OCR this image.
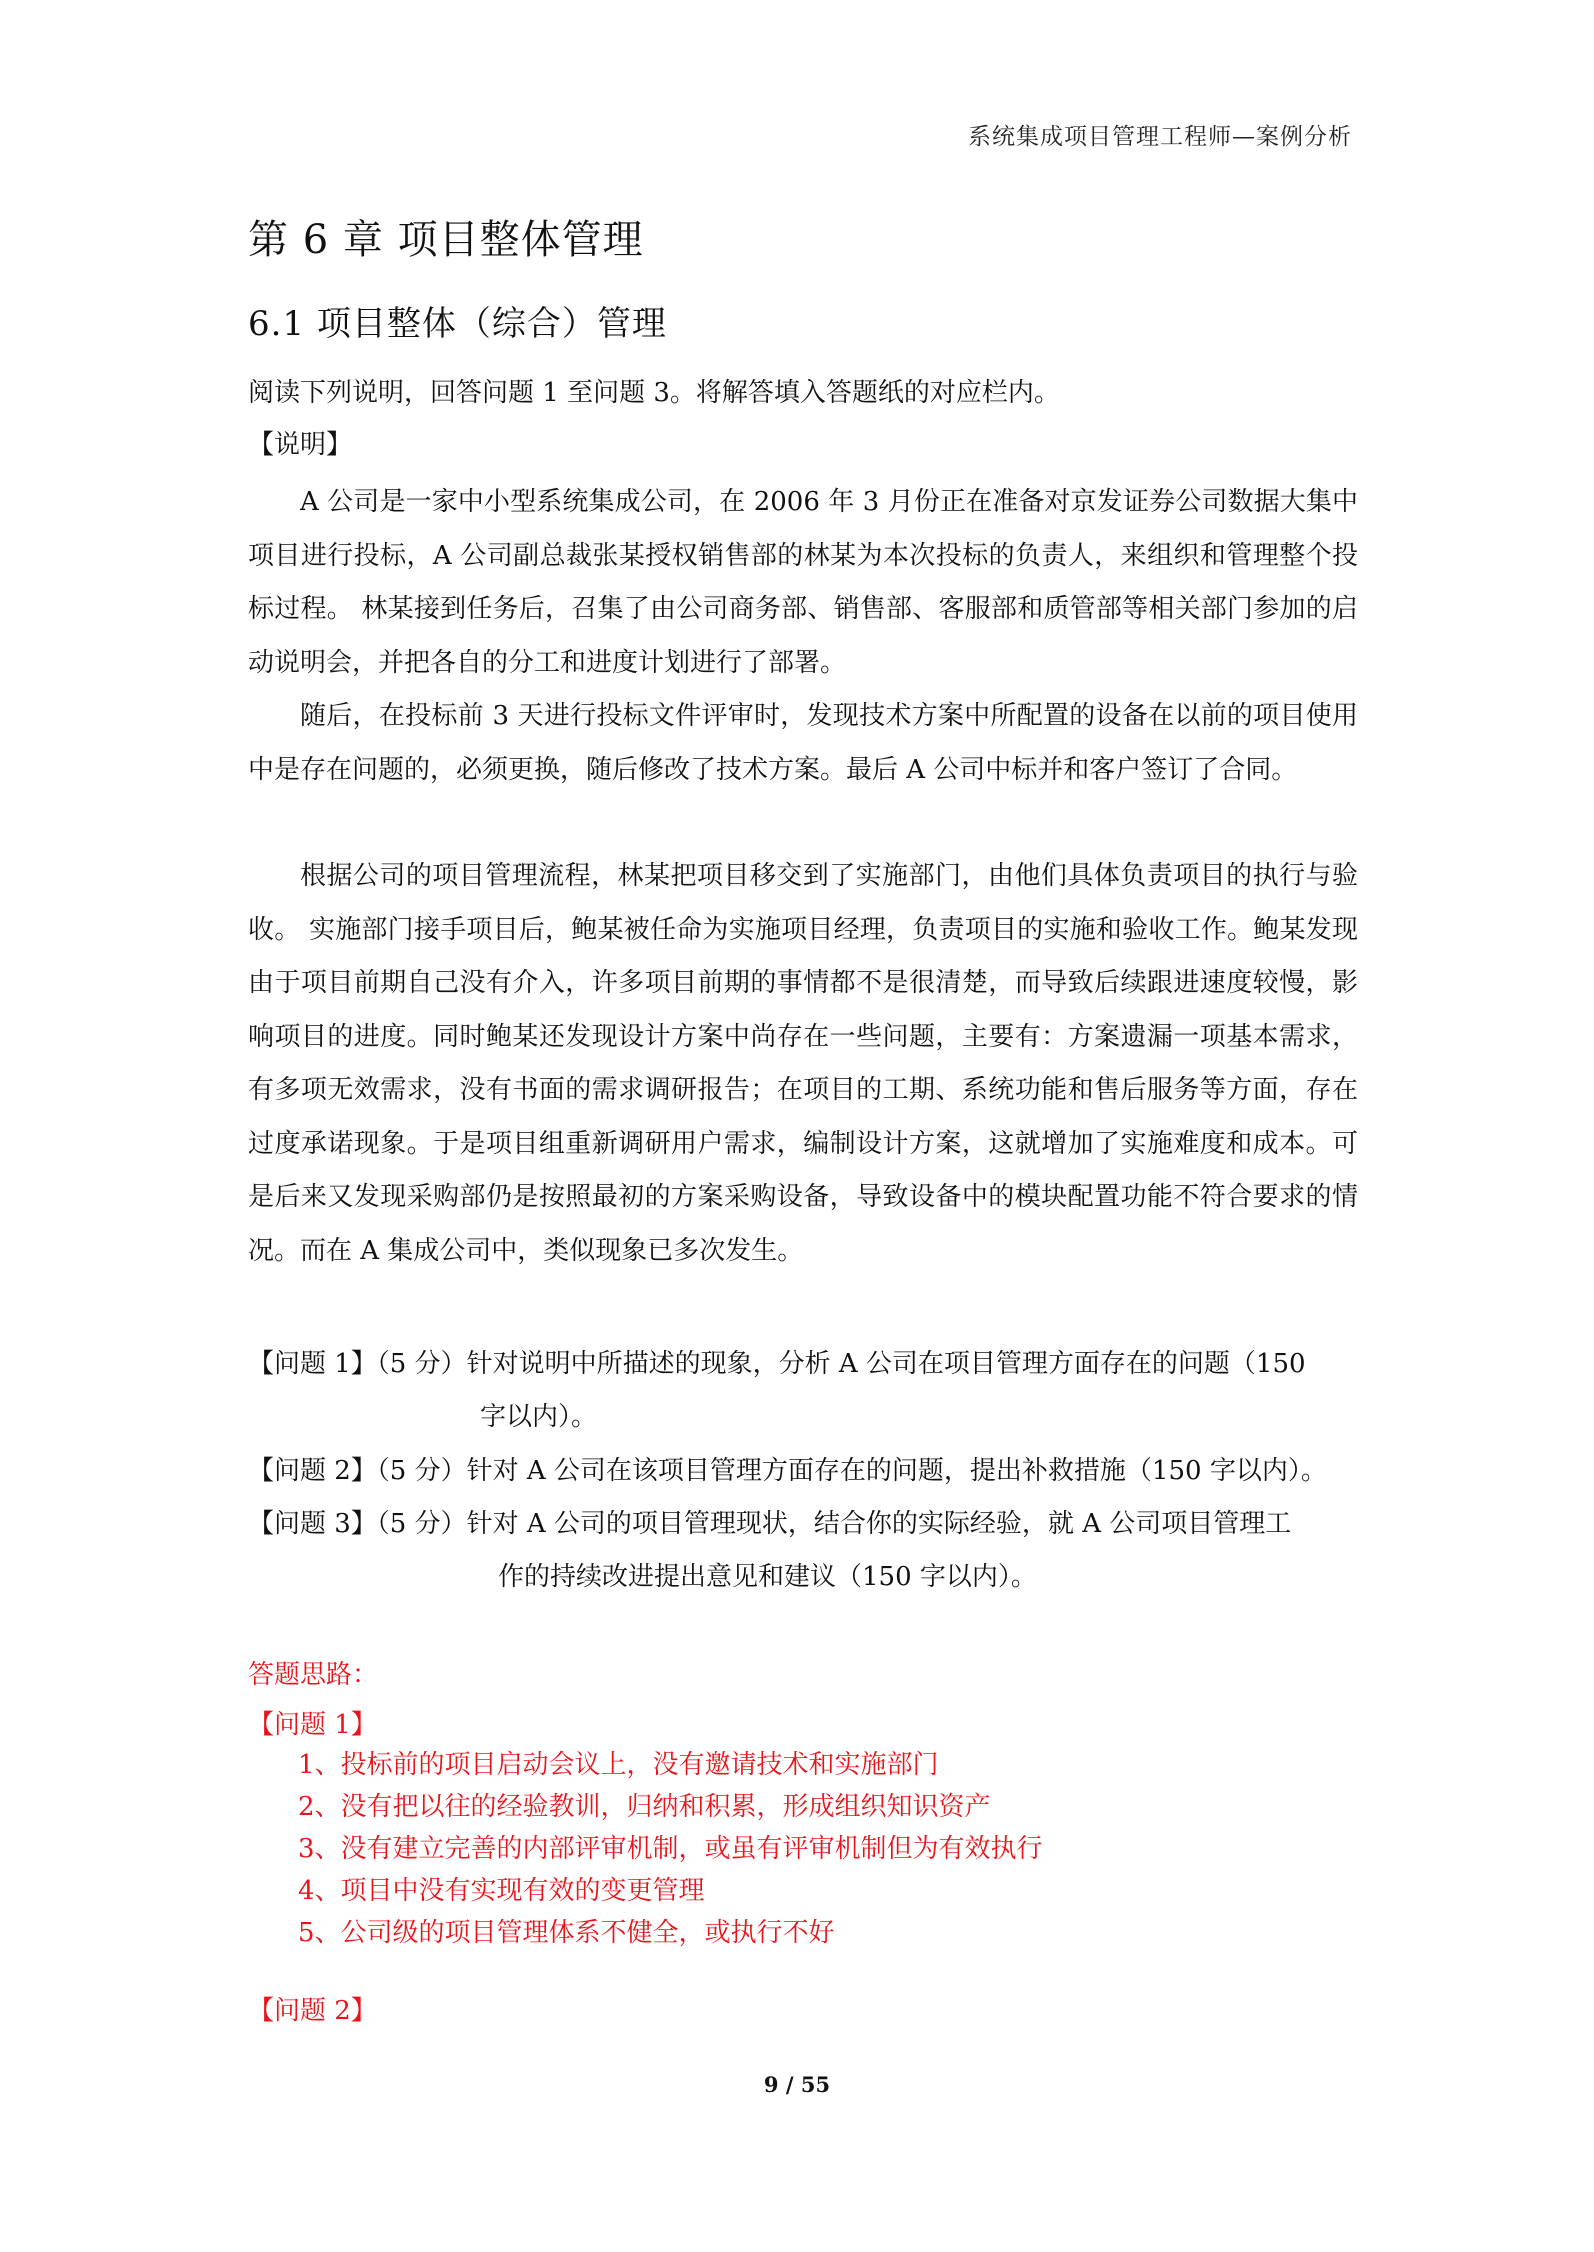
系统集成项目管理工程师—案例分析
第 6 章 项目整体管理
6.1 项目整体（综合）管理
阅读下列说明，回答问题 1 至问题 3。将解答填入答题纸的对应栏内。
【说明】

A 公司是一家中小型系统集成公司，在 2006 年 3 月份正在准备对京发证券公司数据大集中项目进行投标，A 公司副总裁张某授权销售部的林某为本次投标的负责人，来组织和管理整个投标过程。 林某接到任务后，召集了由公司商务部、销售部、客服部和质管部等相关部门参加的启动说明会，并把各自的分工和进度计划进行了部署。

随后，在投标前 3 天进行投标文件评审时，发现技术方案中所配置的设备在以前的项目使用中是存在问题的，必须更换，随后修改了技术方案。最后 A 公司中标并和客户签订了合同。

根据公司的项目管理流程，林某把项目移交到了实施部门，由他们具体负责项目的执行与验收。 实施部门接手项目后，鲍某被任命为实施项目经理，负责项目的实施和验收工作。鲍某发现由于项目前期自己没有介入，许多项目前期的事情都不是很清楚，而导致后续跟进速度较慢，影响项目的进度。同时鲍某还发现设计方案中尚存在一些问题，主要有：方案遗漏一项基本需求，有多项无效需求，没有书面的需求调研报告；在项目的工期、系统功能和售后服务等方面，存在过度承诺现象。于是项目组重新调研用户需求，编制设计方案，这就增加了实施难度和成本。可是后来又发现采购部仍是按照最初的方案采购设备，导致设备中的模块配置功能不符合要求的情况。而在 A 集成公司中，类似现象已多次发生。

【问题 1】（5 分）针对说明中所描述的现象，分析 A 公司在项目管理方面存在的问题（150
字以内）。
【问题 2】（5 分）针对 A 公司在该项目管理方面存在的问题，提出补救措施（150 字以内）。
【问题 3】（5 分）针对 A 公司的项目管理现状，结合你的实际经验，就 A 公司项目管理工
作的持续改进提出意见和建议（150 字以内）。
答题思路：
【问题 1】
1、投标前的项目启动会议上，没有邀请技术和实施部门
2、没有把以往的经验教训，归纳和积累，形成组织知识资产
3、没有建立完善的内部评审机制，或虽有评审机制但为有效执行
4、项目中没有实现有效的变更管理
5、公司级的项目管理体系不健全，或执行不好
【问题 2】
9 / 55
